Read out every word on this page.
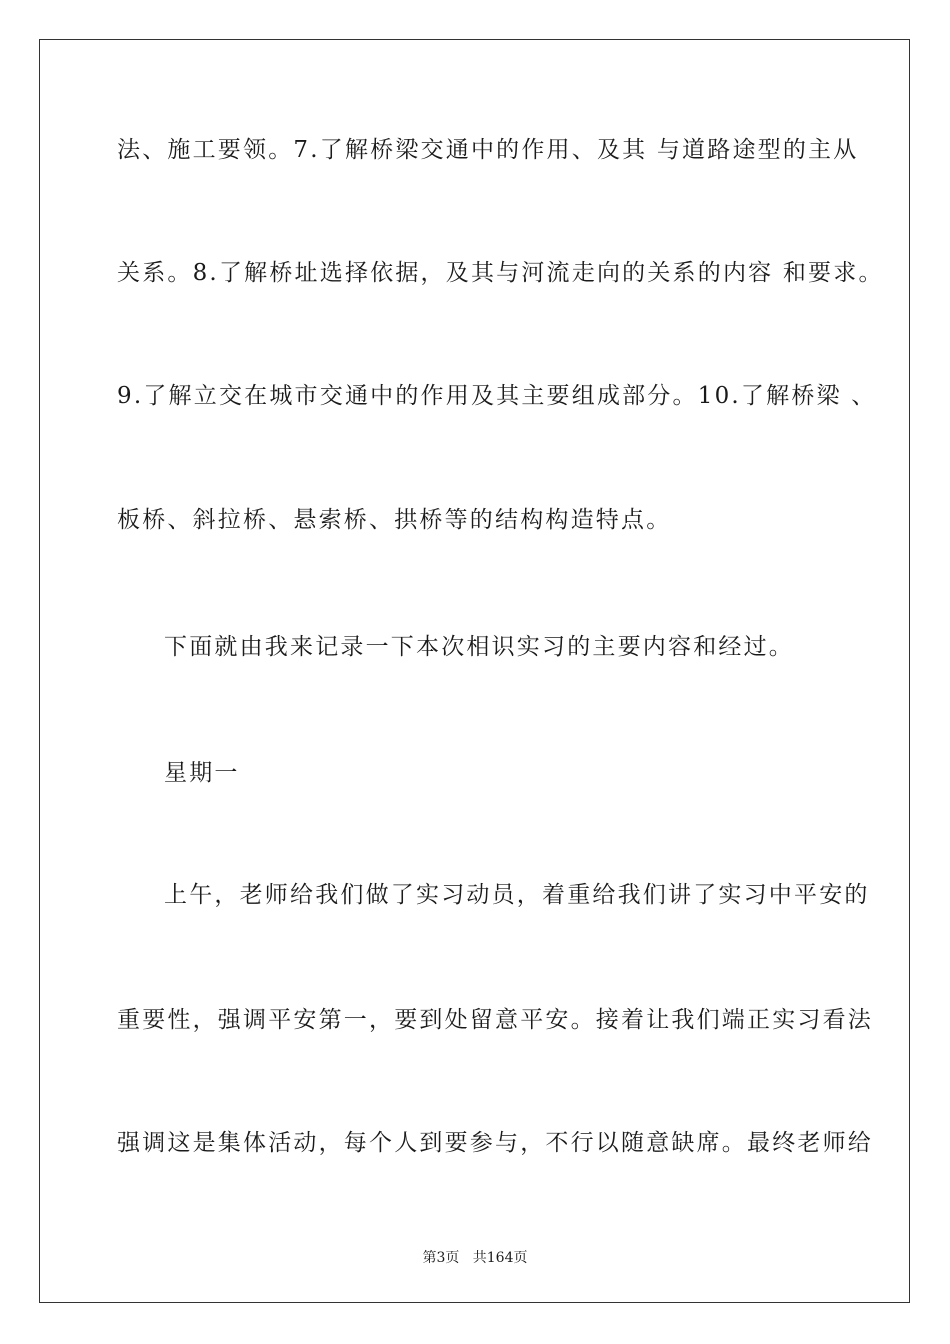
法、施工要领。7.了解桥梁交通中的作用、及其 与道路途型的主从
关系。8.了解桥址选择依据，及其与河流走向的关系的内容 和要求。
9.了解立交在城市交通中的作用及其主要组成部分。10.了解桥梁 、
板桥、斜拉桥、悬索桥、拱桥等的结构构造特点。
下面就由我来记录一下本次相识实习的主要内容和经过。
星期一
上午，老师给我们做了实习动员，着重给我们讲了实习中平安的
重要性，强调平安第一，要到处留意平安。接着让我们端正实习看法
强调这是集体活动，每个人到要参与，不行以随意缺席。最终老师给
第3页   共164页
